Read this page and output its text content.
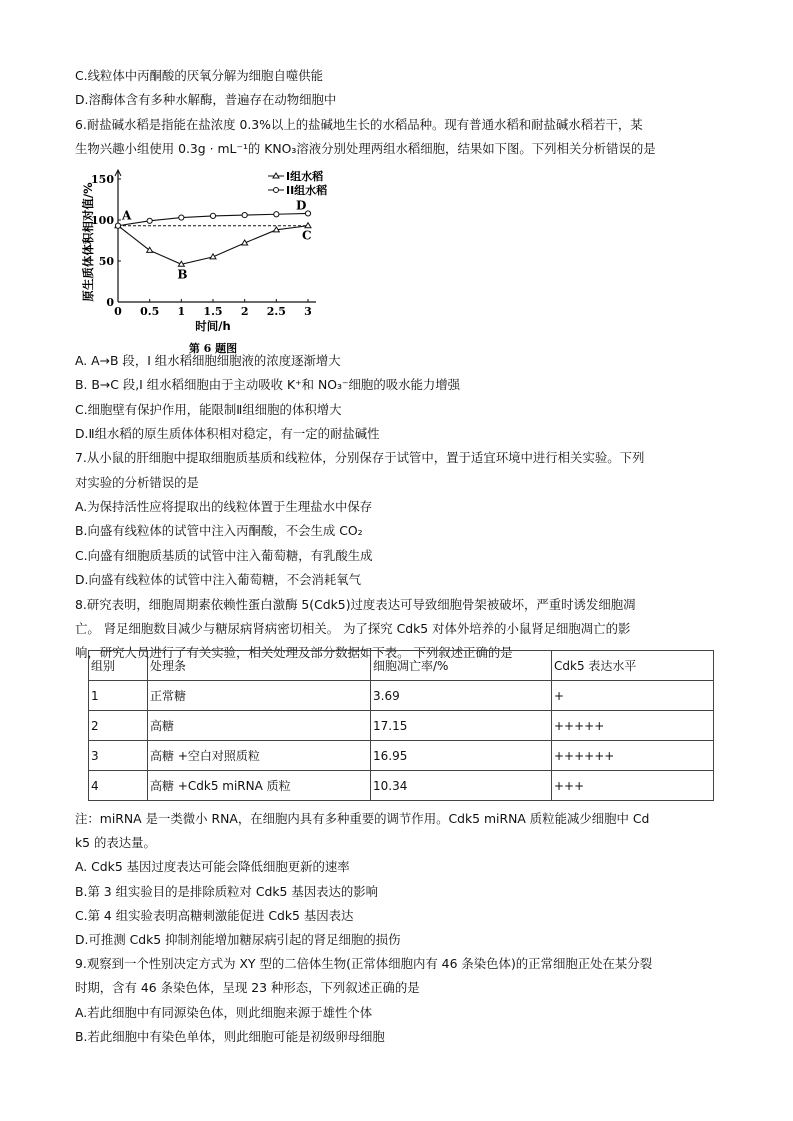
C.线粒体中丙酮酸的厌氧分解为细胞自噬供能
D.溶酶体含有多种水解酶，普遍存在动物细胞中
6.耐盐碱水稻是指能在盐浓度 0.3%以上的盐碱地生长的水稻品种。现有普通水稻和耐盐碱水稻若干，某
生物兴趣小组使用 0.3g · mL⁻¹的 KNO₃溶液分别处理两组水稻细胞，结果如下图。下列相关分析错误的是
0 0.5 1 1.5 2 2.5 3
0
50
100
150
A
B
C
D
I组水稻
II组水稻
原生质体体积相对值/%
时间/h
第 6 题图
A. A→B 段，I 组水稻细胞细胞液的浓度逐渐增大
B. B→C 段,I 组水稻细胞由于主动吸收 K⁺和 NO₃⁻细胞的吸水能力增强
C.细胞壁有保护作用，能限制Ⅱ组细胞的体积增大
D.Ⅱ组水稻的原生质体体积相对稳定，有一定的耐盐碱性
7.从小鼠的肝细胞中提取细胞质基质和线粒体，分别保存于试管中，置于适宜环境中进行相关实验。下列
对实验的分析错误的是
A.为保持活性应将提取出的线粒体置于生理盐水中保存
B.向盛有线粒体的试管中注入丙酮酸，不会生成 CO₂
C.向盛有细胞质基质的试管中注入葡萄糖，有乳酸生成
D.向盛有线粒体的试管中注入葡萄糖，不会消耗氧气
8.研究表明，细胞周期素依赖性蛋白激酶 5(Cdk5)过度表达可导致细胞骨架被破坏，严重时诱发细胞凋
亡。 肾足细胞数目减少与糖尿病肾病密切相关。 为了探究 Cdk5 对体外培养的小鼠肾足细胞凋亡的影
响，研究人员进行了有关实验，相关处理及部分数据如下表。 下列叙述正确的是
组别	处理条	细胞凋亡率/%	Cdk5 表达水平
1	正常糖	3.69	+
2	高糖	17.15	+++++
3	高糖 +空白对照质粒	16.95	++++++
4	高糖 +Cdk5 miRNA 质粒	10.34	+++
注：miRNA 是一类微小 RNA，在细胞内具有多种重要的调节作用。Cdk5 miRNA 质粒能减少细胞中 Cd
k5 的表达量。
A. Cdk5 基因过度表达可能会降低细胞更新的速率
B.第 3 组实验目的是排除质粒对 Cdk5 基因表达的影响
C.第 4 组实验表明高糖刺激能促进 Cdk5 基因表达
D.可推测 Cdk5 抑制剂能增加糖尿病引起的肾足细胞的损伤
9.观察到一个性别决定方式为 XY 型的二倍体生物(正常体细胞内有 46 条染色体)的正常细胞正处在某分裂
时期，含有 46 条染色体，呈现 23 种形态，下列叙述正确的是
A.若此细胞中有同源染色体，则此细胞来源于雄性个体
B.若此细胞中有染色单体，则此细胞可能是初级卵母细胞
